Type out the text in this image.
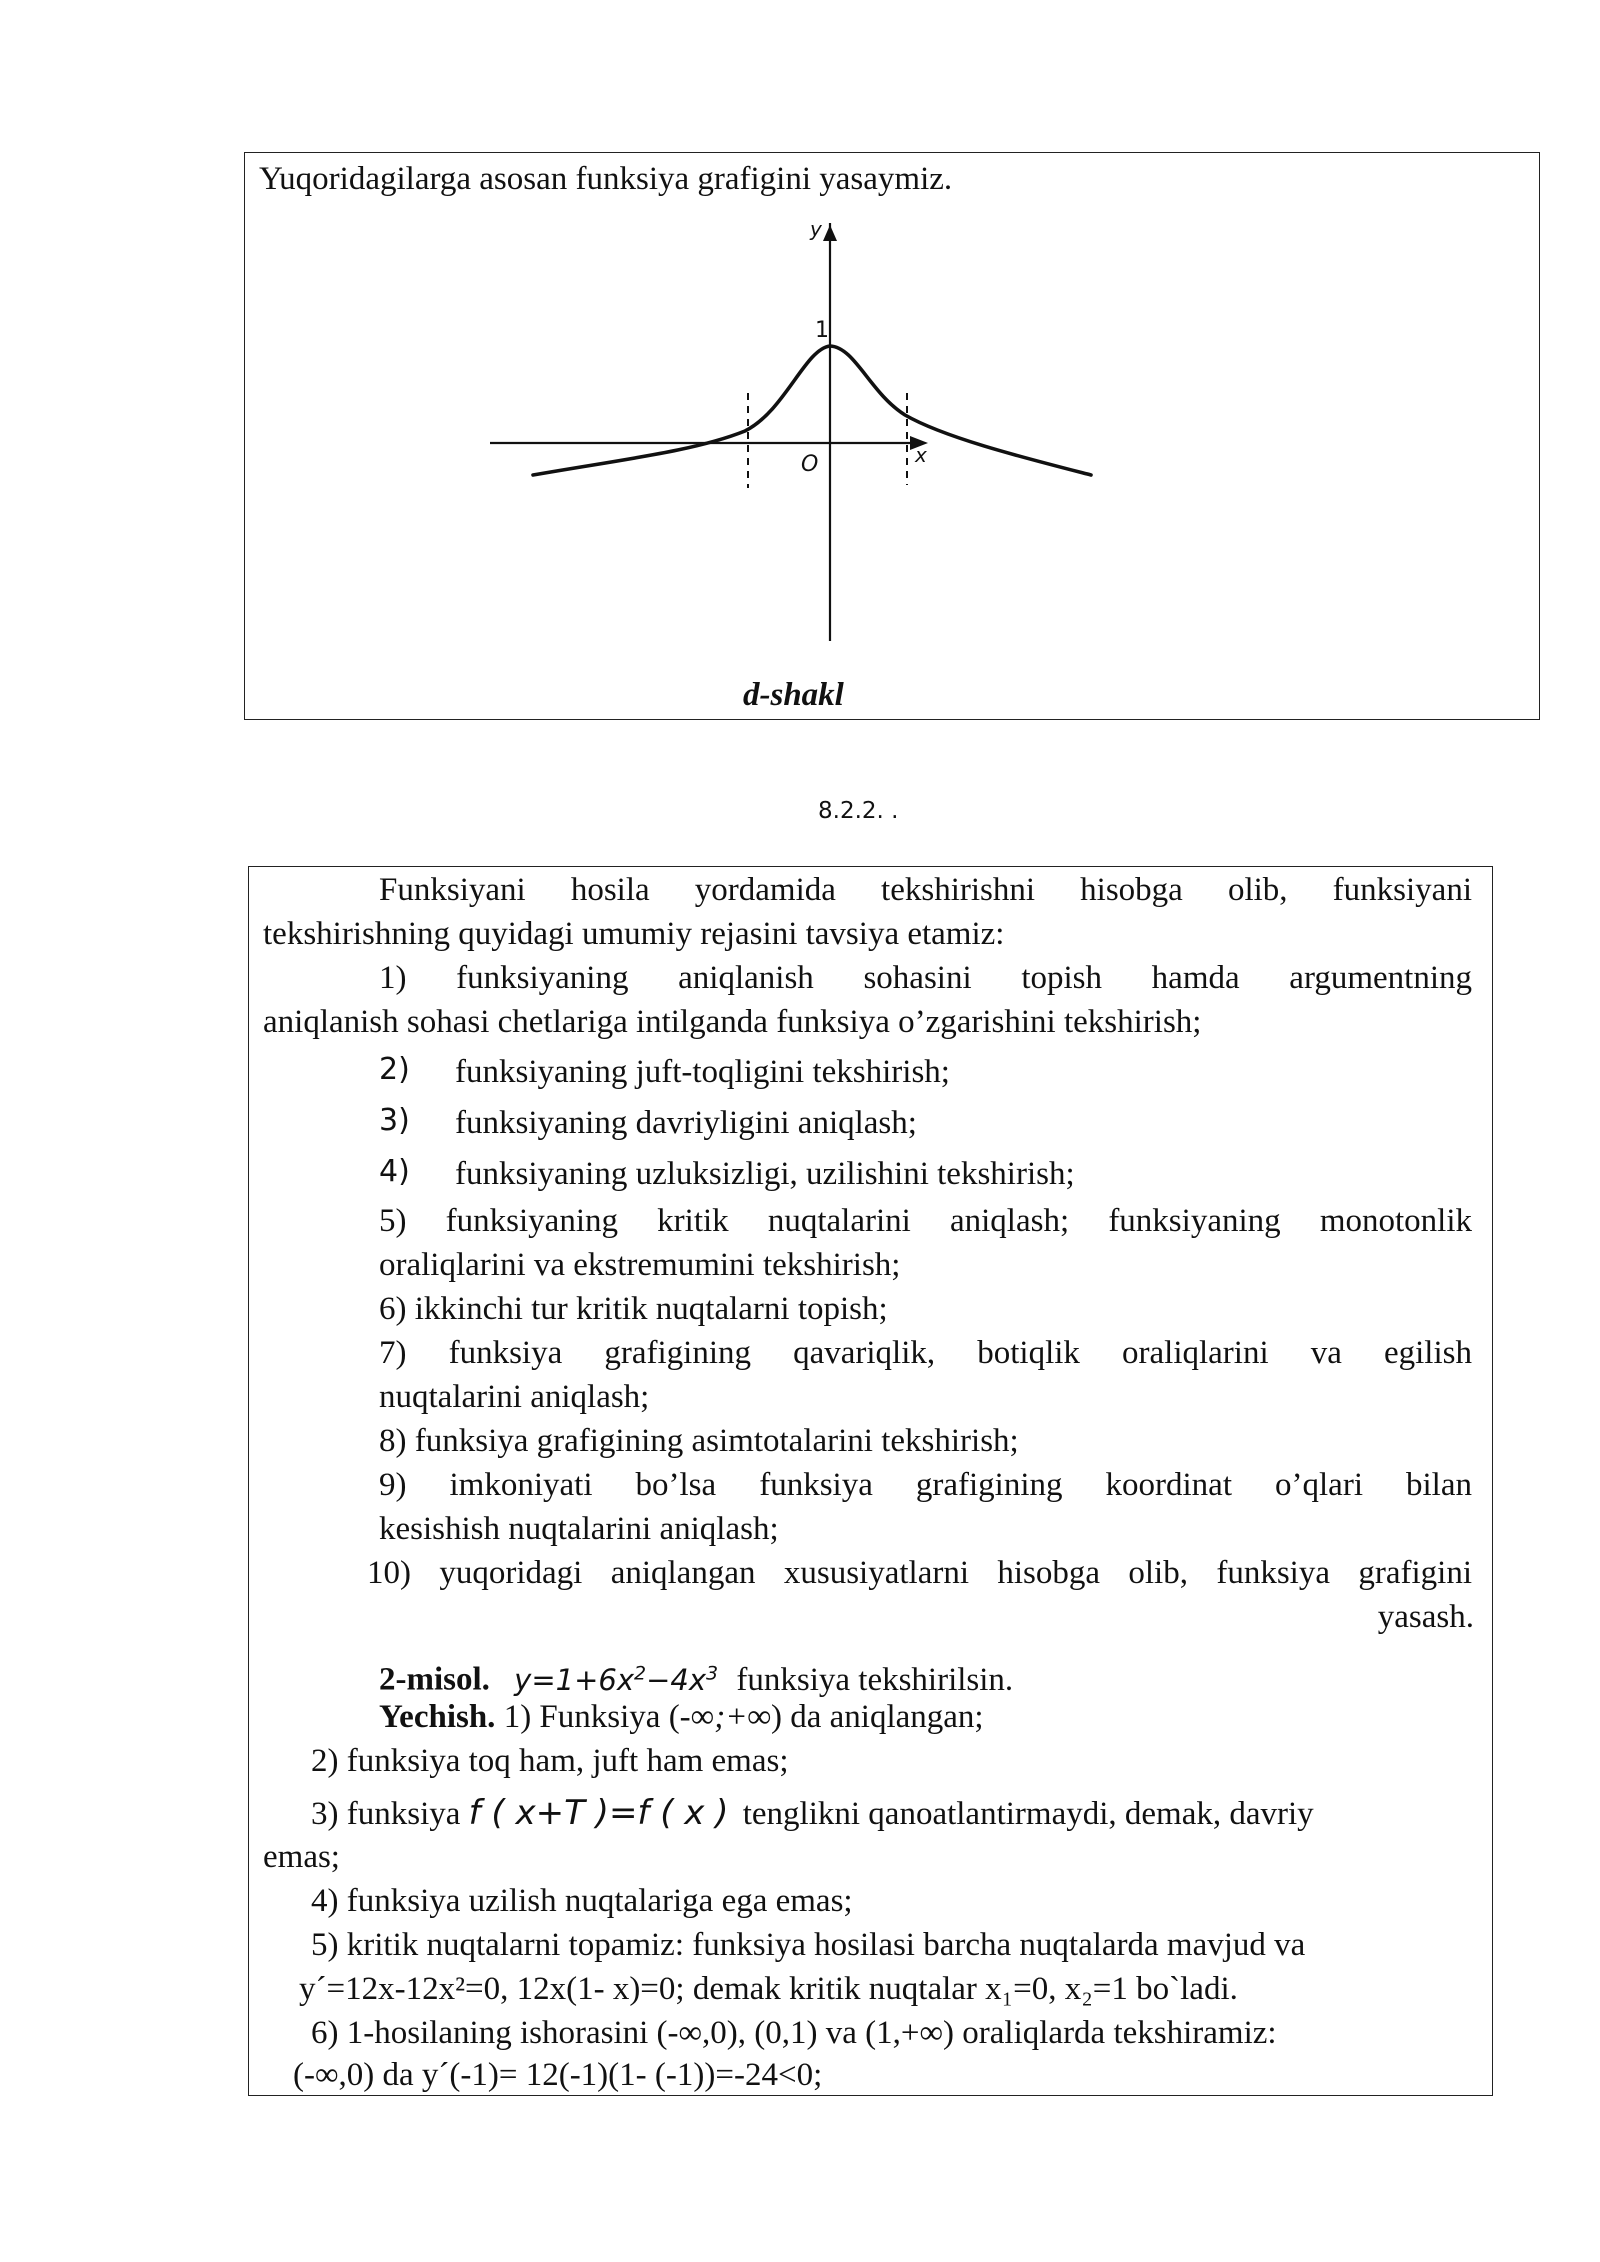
Yuqoridagilarga asosan funksiya grafigini yasaymiz.
y
x
O
1
d-shakl
8.2.2. .
Funksiyani hosila yordamida tekshirishni hisobga olib, funksiyani
tekshirishning quyidagi umumiy rejasini tavsiya etamiz:
1) funksiyaning aniqlanish sohasini topish hamda argumentning
aniqlanish sohasi chetlariga intilganda funksiya o’zgarishini tekshirish;
2) funksiyaning juft-toqligini tekshirish;
3) funksiyaning davriyligini aniqlash;
4) funksiyaning uzluksizligi, uzilishini tekshirish;
5) funksiyaning kritik nuqtalarini aniqlash; funksiyaning monotonlik
oraliqlarini va ekstremumini tekshirish;
6) ikkinchi tur kritik nuqtalarni topish;
7) funksiya grafigining qavariqlik, botiqlik oraliqlarini va egilish
nuqtalarini aniqlash;
8) funksiya grafigining asimtotalarini tekshirish;
9) imkoniyati bo’lsa funksiya grafigining koordinat o’qlari bilan
kesishish nuqtalarini aniqlash;
10) yuqoridagi aniqlangan xususiyatlarni hisobga olib, funksiya grafigini
yasash.
2-misol. $y=1+6x^2-4x^3$ funksiya tekshirilsin.
Yechish. 1) Funksiya (-∞;+∞) da aniqlangan;
2) funksiya toq ham, juft ham emas;
3) funksiya f ( x+T )=f ( x ) tenglikni qanoatlantirmaydi, demak, davriy
emas;
4) funksiya uzilish nuqtalariga ega emas;
5) kritik nuqtalarni topamiz: funksiya hosilasi barcha nuqtalarda mavjud va
y´=12x-12x²=0, 12x(1- x)=0; demak kritik nuqtalar x₁=0, x₂=1 bo`ladi.
6) 1-hosilaning ishorasini (-∞,0), (0,1) va (1,+∞) oraliqlarda tekshiramiz:
(-∞,0) da y´(-1)= 12(-1)(1- (-1))=-24<0;
